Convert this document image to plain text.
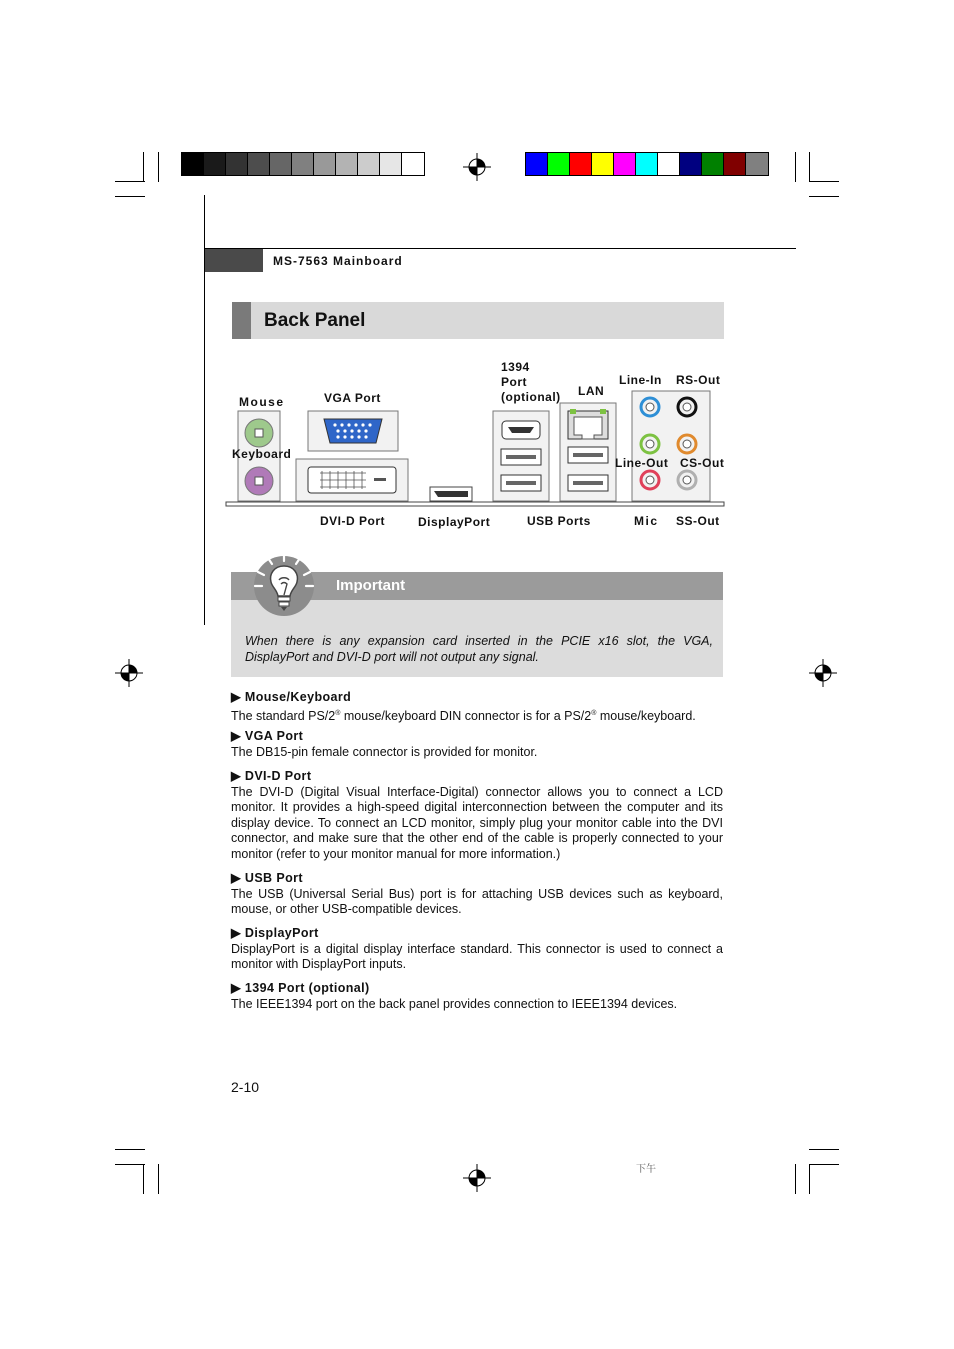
MS-7563 Mainboard
Back Panel
Mouse
Keyboard
VGA Port
1394
Port
(optional) LAN
Line-In RS-Out
Line-Out CS-Out
DVI-D Port	DisplayPort	USB Ports	Mic SS-Out
Important
When there is any expansion card inserted in the PCIE x16 slot, the VGA, DisplayPort and DVI-D port will not output any signal.
▶ Mouse/Keyboard
The standard PS/2® mouse/keyboard DIN connector is for a PS/2® mouse/keyboard.
▶ VGA Port
The DB15-pin female connector is provided for monitor.
▶ DVI-D Port
The DVI-D (Digital Visual Interface-Digital) connector allows you to connect a LCD monitor. It provides a high-speed digital interconnection between the computer and its display device. To connect an LCD monitor, simply plug your monitor cable into the DVI connector, and make sure that the other end of the cable is properly connected to your monitor (refer to your monitor manual for more information.)
▶ USB Port
The USB (Universal Serial Bus) port is for attaching USB devices such as keyboard, mouse, or other USB-compatible devices.
▶ DisplayPort
DisplayPort is a digital display interface standard. This connector is used to connect a monitor with DisplayPort inputs.
▶ 1394 Port (optional)
The IEEE1394 port on the back panel provides connection to IEEE1394 devices.
2-10
下午
